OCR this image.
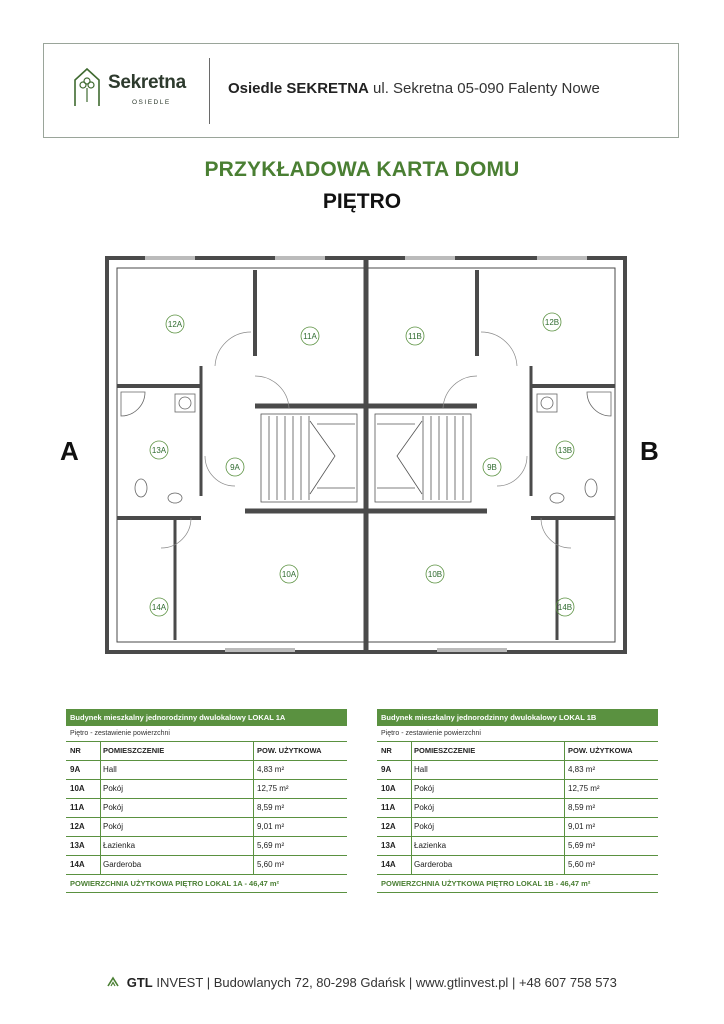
Sekretna
OSIEDLE
Osiedle SEKRETNA ul. Sekretna 05-090 Falenty Nowe
PRZYKŁADOWA KARTA DOMU
PIĘTRO
A	B
12A
11A
13A
9A
10A
14A
12B
11B
13B
9B
10B
14B
Budynek mieszkalny jednorodzinny dwulokalowy LOKAL 1A
Piętro - zestawienie powierzchni
NR	POMIESZCZENIE	POW. UŻYTKOWA
9A	Hall	4,83 m²
10A	Pokój	12,75 m²
11A	Pokój	8,59 m²
12A	Pokój	9,01 m²
13A	Łazienka	5,69 m²
14A	Garderoba	5,60 m²
POWIERZCHNIA UŻYTKOWA PIĘTRO LOKAL 1A - 46,47 m²
Budynek mieszkalny jednorodzinny dwulokalowy LOKAL 1B
Piętro - zestawienie powierzchni
NR	POMIESZCZENIE	POW. UŻYTKOWA
9A	Hall	4,83 m²
10A	Pokój	12,75 m²
11A	Pokój	8,59 m²
12A	Pokój	9,01 m²
13A	Łazienka	5,69 m²
14A	Garderoba	5,60 m²
POWIERZCHNIA UŻYTKOWA PIĘTRO LOKAL 1B - 46,47 m²
GTL INVEST | Budowlanych 72, 80-298 Gdańsk | www.gtlinvest.pl | +48 607 758 573
